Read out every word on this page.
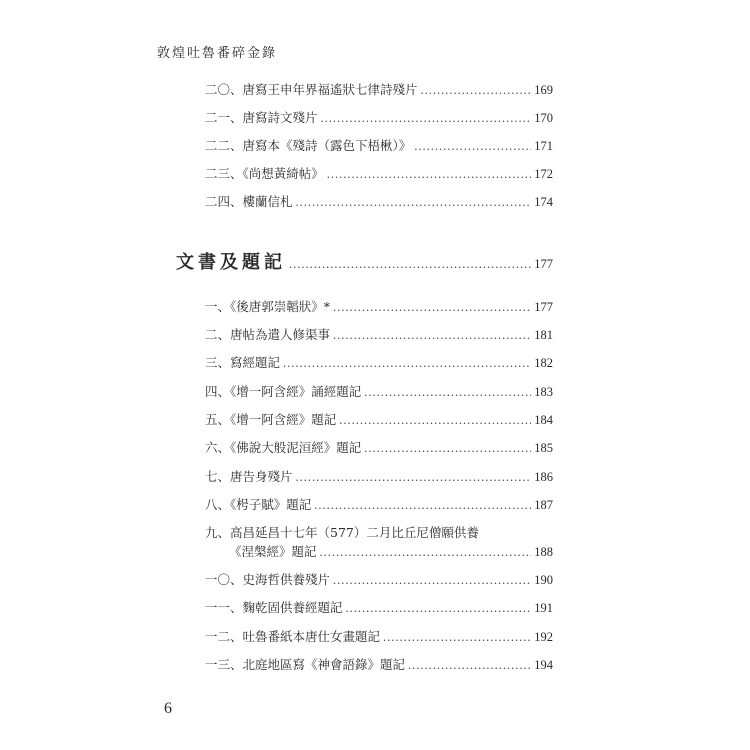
敦煌吐魯番碎金錄
二〇、唐寫王申年界福遙狀七律詩殘片 .....	169
二一、唐寫詩文殘片 .....	170
二二、唐寫本《殘詩（露色下梧楸）》 .....	171
二三、《尚想黃綺帖》 .....	172
二四、樓蘭信札 .....	174
文書及題記 .....	177
一、《後唐郭崇韜狀》* .....	177
二、唐帖為遣人修渠事 .....	181
三、寫經題記 .....	182
四、《增一阿含經》誦經題記 .....	183
五、《增一阿含經》題記 .....	184
六、《佛說大般泥洹經》題記 .....	185
七、唐告身殘片 .....	186
八、《枵子賦》題記 .....	187
九、高昌延昌十七年（577）二月比丘尼僧願供養
《涅槃經》題記 .....	188
一〇、史海哲供養殘片 .....	190
一一、麴乾固供養經題記 .....	191
一二、吐魯番紙本唐仕女畫題記 .....	192
一三、北庭地區寫《神會語錄》題記 .....	194
6
